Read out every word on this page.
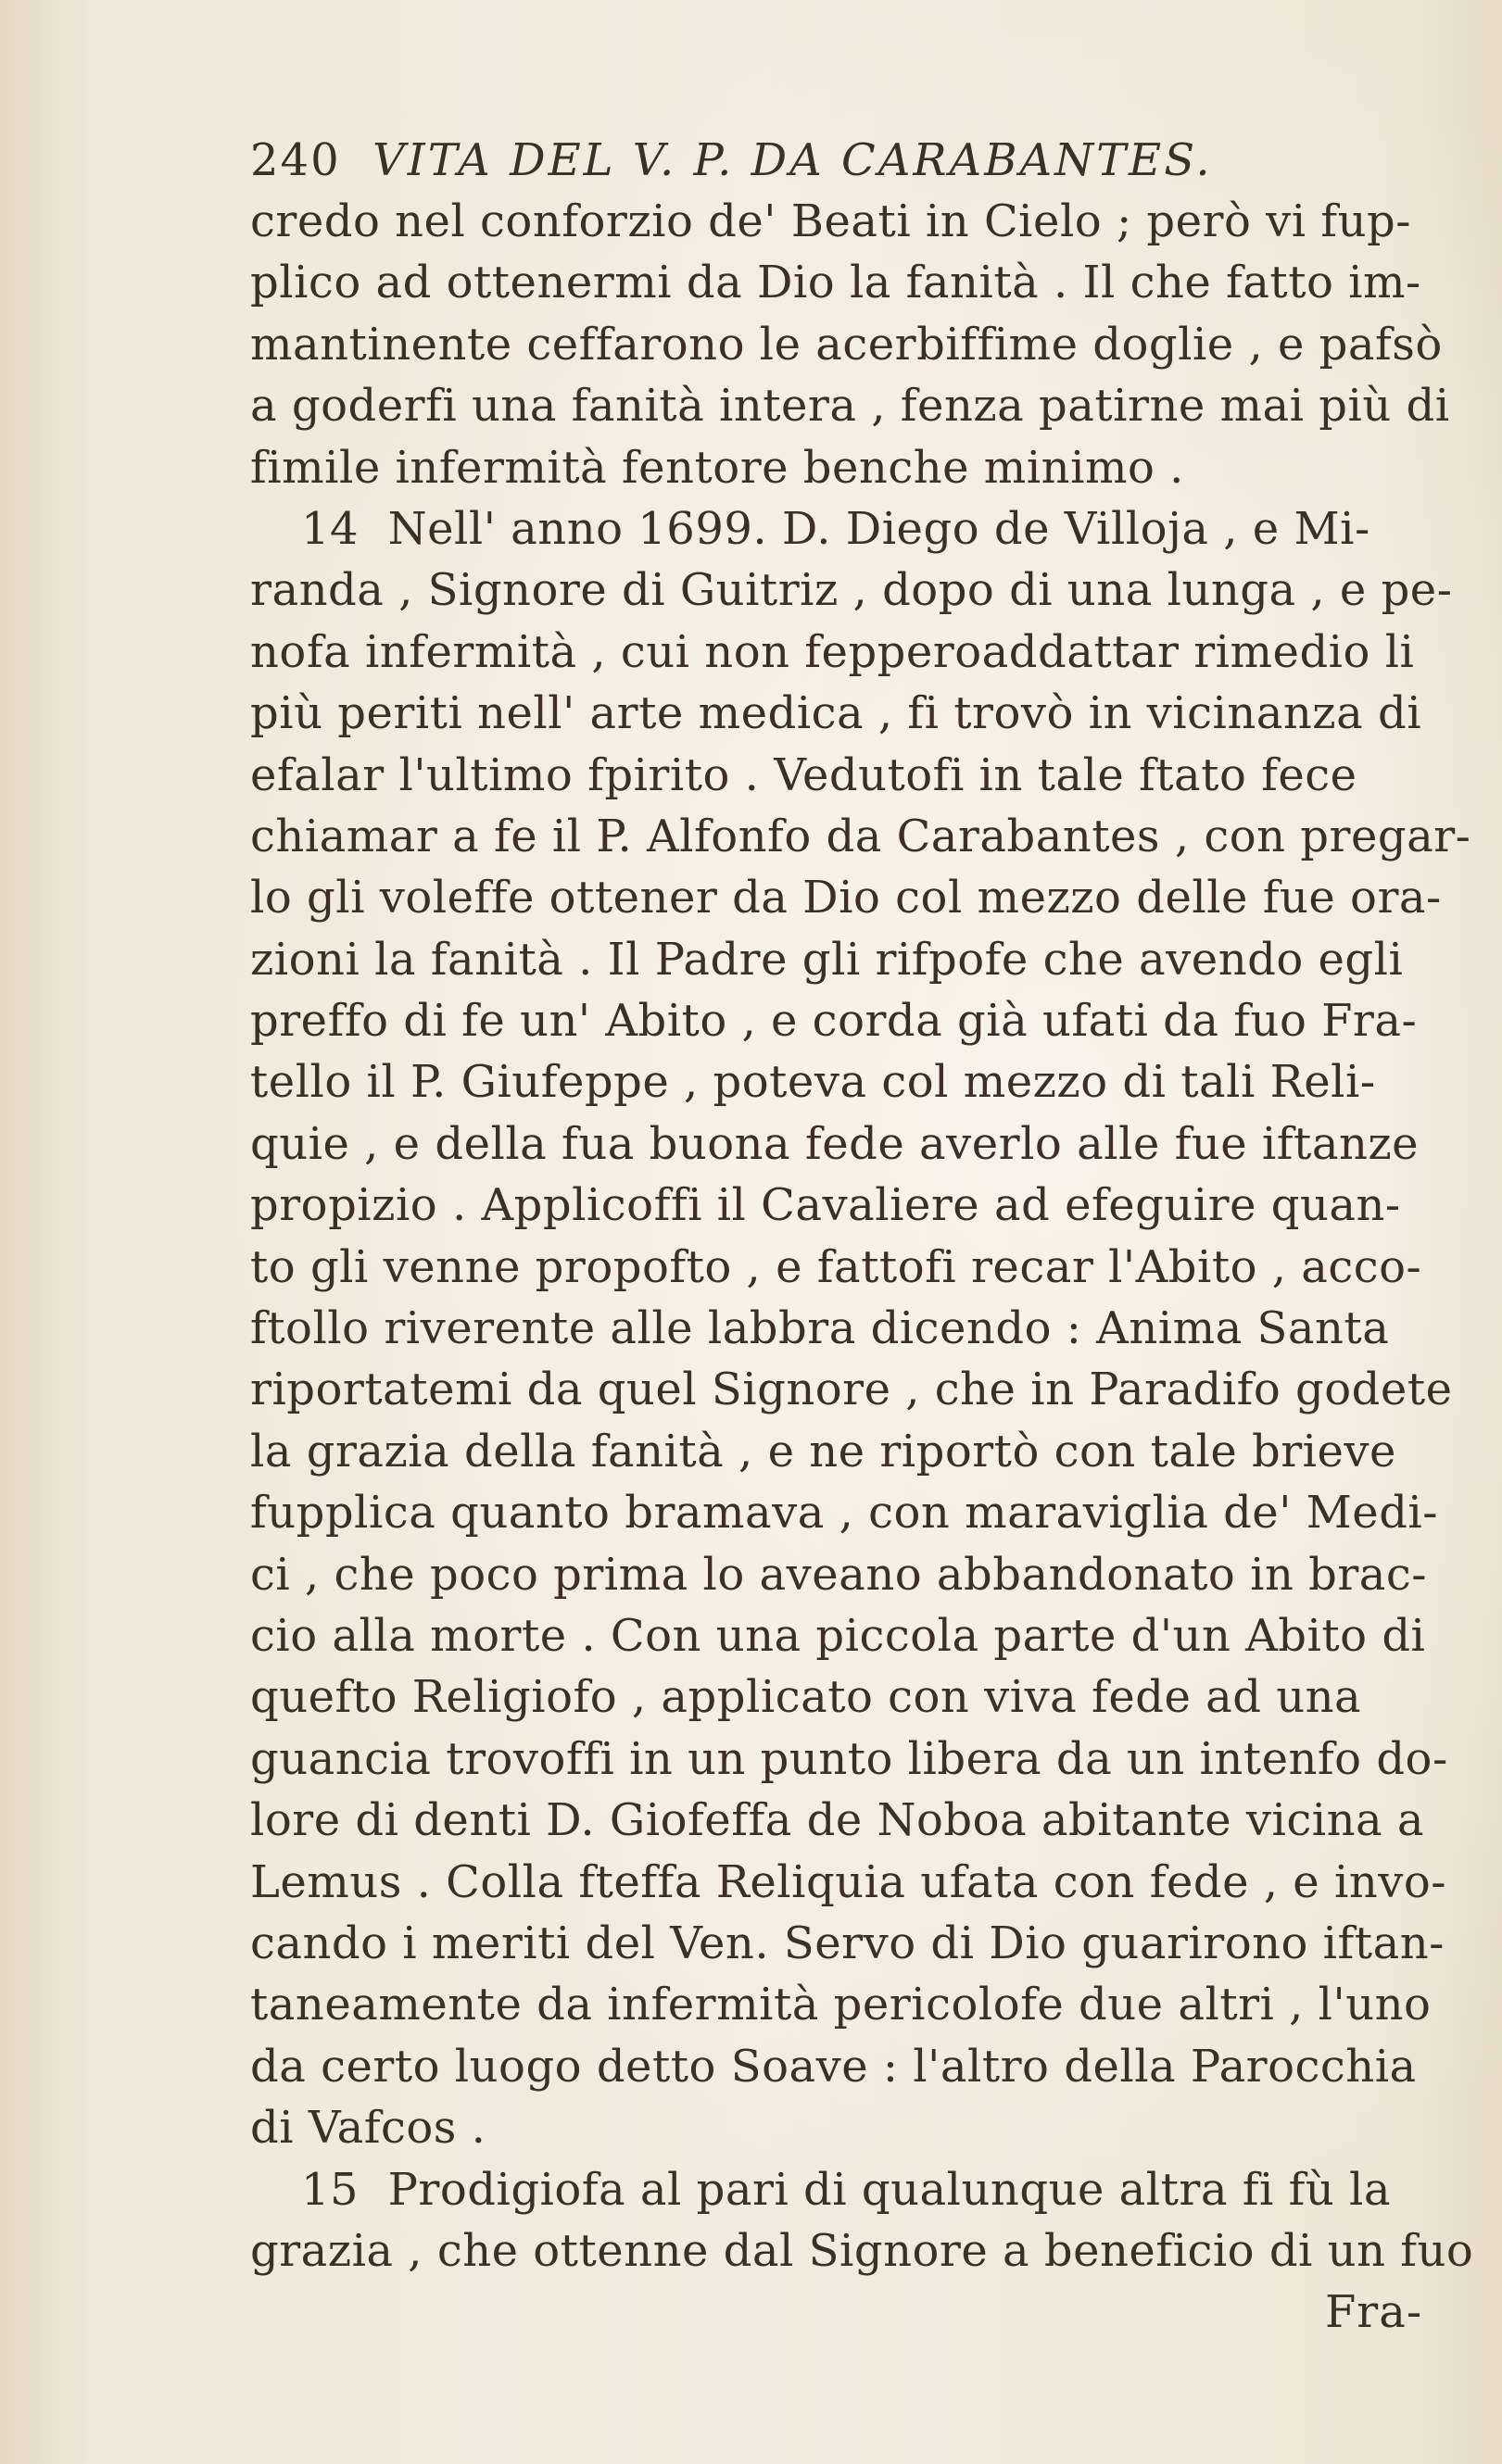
240 VITA DEL V. P. DA CARABANTES.
credo nel conforzio de' Beati in Cielo ; però vi fup-
plico ad ottenermi da Dio la fanità . Il che fatto im-
mantinente ceffarono le acerbiffime doglie , e pafsò
a goderfi una fanità intera , fenza patirne mai più di
fimile infermità fentore benche minimo .
14  Nell' anno 1699. D. Diego de Villoja , e Mi-
randa , Signore di Guitriz , dopo di una lunga , e pe-
nofa infermità , cui non fepperoaddattar rimedio li
più periti nell' arte medica , fi trovò in vicinanza di
efalar l'ultimo fpirito . Vedutofi in tale ftato fece
chiamar a fe il P. Alfonfo da Carabantes , con pregar-
lo gli voleffe ottener da Dio col mezzo delle fue ora-
zioni la fanità . Il Padre gli rifpofe che avendo egli
preffo di fe un' Abito , e corda già ufati da fuo Fra-
tello il P. Giufeppe , poteva col mezzo di tali Reli-
quie , e della fua buona fede averlo alle fue iftanze
propizio . Applicoffi il Cavaliere ad efeguire quan-
to gli venne propofto , e fattofi recar l'Abito , acco-
ftollo riverente alle labbra dicendo : Anima Santa
riportatemi da quel Signore , che in Paradifo godete
la grazia della fanità , e ne riportò con tale brieve
fupplica quanto bramava , con maraviglia de' Medi-
ci , che poco prima lo aveano abbandonato in brac-
cio alla morte . Con una piccola parte d'un Abito di
quefto Religiofo , applicato con viva fede ad una
guancia trovoffi in un punto libera da un intenfo do-
lore di denti D. Giofeffa de Noboa abitante vicina a
Lemus . Colla fteffa Reliquia ufata con fede , e invo-
cando i meriti del Ven. Servo di Dio guarirono iftan-
taneamente da infermità pericolofe due altri , l'uno
da certo luogo detto Soave : l'altro della Parocchia
di Vafcos .
15  Prodigiofa al pari di qualunque altra fi fù la
grazia , che ottenne dal Signore a beneficio di un fuo
Fra-
